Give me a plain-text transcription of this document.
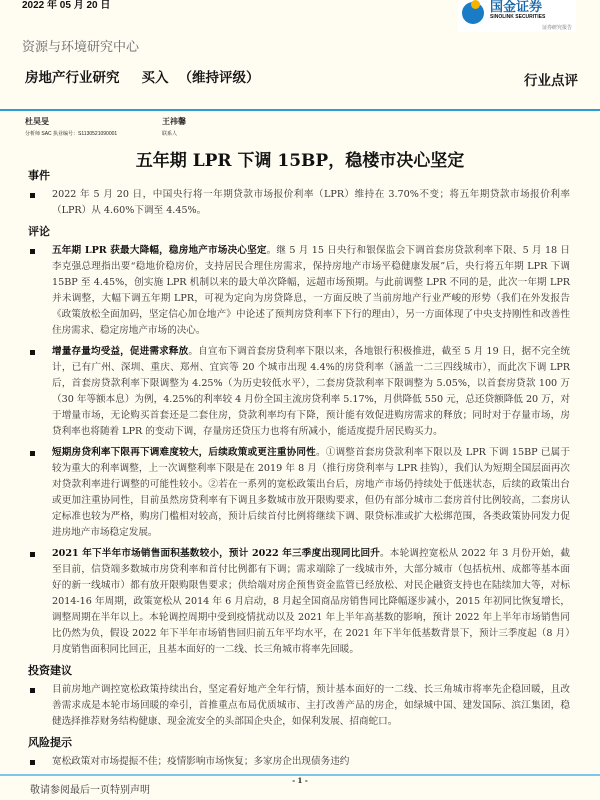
2022 年 05 月 20 日	国金证券
SINOLINK SECURITIES
证券研究报告
资源与环境研究中心
房地产行业研究 买入 （维持评级）	行业点评
杜昊旻
分析师 SAC 执业编号：S1130521090001
王祎馨
联系人
五年期 LPR 下调 15BP，稳楼市决心坚定
事件
2022 年 5 月 20 日，中国央行将一年期贷款市场报价利率（LPR）维持在 3.70%不变；将五年期贷款市场报价利率（LPR）从 4.60%下调至 4.45%。
评论
五年期 LPR 获最大降幅，稳房地产市场决心坚定。继 5 月 15 日央行和银保监会下调首套房贷款利率下限、5 月 18 日李克强总理指出要“稳地价稳房价，支持居民合理住房需求，保持房地产市场平稳健康发展”后，央行将五年期 LPR 下调 15BP 至 4.45%，创实施 LPR 机制以来的最大单次降幅，远超市场预期。与此前调整 LPR 不同的是，此次一年期 LPR 并未调整，大幅下调五年期 LPR，可视为定向为房贷降息，一方面反映了当前房地产行业严峻的形势（我们在外发报告《政策放松全面加码，坚定信心加仓地产》中论述了预判房贷利率下下行的理由），另一方面体现了中央支持刚性和改善性住房需求、稳定房地产市场的决心。
增量存量均受益，促进需求释放。自宣布下调首套房贷利率下限以来，各地银行积极推进，截至 5 月 19 日，据不完全统计，已有广州、深圳、重庆、郑州、宜宾等 20 个城市出现 4.4%的房贷利率（涵盖一二三四线城市），而此次下调 LPR 后，首套房贷款利率下限调整为 4.25%（为历史较低水平），二套房贷款利率下限调整为 5.05%，以首套房贷款 100 万（30 年等额本息）为例，4.25%的利率较 4 月份全国主流房贷利率 5.17%，月供降低 550 元，总还贷额降低 20 万，对于增量市场，无论购买首套还是二套住房，贷款利率均有下降，预计能有效促进购房需求的释放；同时对于存量市场，房贷利率也将随着 LPR 的变动下调，存量房还贷压力也将有所减小，能适度提升居民购买力。
短期房贷利率下限再下调难度较大，后续政策或更注重协同性。①调整首套房贷款利率下限以及 LPR 下调 15BP 已属于较为重大的利率调整，上一次调整利率下限是在 2019 年 8 月（推行房贷利率与 LPR 挂钩），我们认为短期全国层面再次对贷款利率进行调整的可能性较小。②若在一系列的宽松政策出台后，房地产市场仍持续处于低迷状态，后续的政策出台或更加注重协同性，目前虽然房贷利率有下调且多数城市放开限购要求，但仍有部分城市二套房首付比例较高，二套房认定标准也较为严格，购房门槛相对较高，预计后续首付比例将继续下调、限贷标准或扩大松绑范围，各类政策协同发力促进房地产市场稳定发展。
2021 年下半年市场销售面积基数较小，预计 2022 年三季度出现同比回升。本轮调控宽松从 2022 年 3 月份开始，截至目前，信贷端多数城市房贷利率和首付比例都有下调；需求端除了一线城市外，大部分城市（包括杭州、成都等基本面好的新一线城市）都有放开限购限售要求；供给端对房企预售资金监管已经放松、对民企融资支持也在陆续加大等，对标 2014-16 年周期，政策宽松从 2014 年 6 月启动，8 月起全国商品房销售同比降幅逐步减小，2015 年初同比恢复增长，调整周期在半年以上。本轮调控周期中受到疫情扰动以及 2021 年上半年高基数的影响，预计 2022 年上半年市场销售同比仍然为负，假设 2022 年下半年市场销售回归前五年平均水平，在 2021 年下半年低基数背景下，预计三季度起（8 月）月度销售面积同比回正，且基本面好的一二线、长三角城市将率先回暖。
投资建议
目前房地产调控宽松政策持续出台，坚定看好地产全年行情，预计基本面好的一二线、长三角城市将率先企稳回暖，且改善需求成是本轮市场回暖的牵引，首推重点布局优质城市、主打改善产品的房企，如绿城中国、建发国际、滨江集团，稳健选择推荐财务结构健康、现金流安全的头部国企央企，如保利发展、招商蛇口。
风险提示
宽松政策对市场提振不佳；疫情影响市场恢复；多家房企出现债务违约
- 1 -
敬请参阅最后一页特别声明
